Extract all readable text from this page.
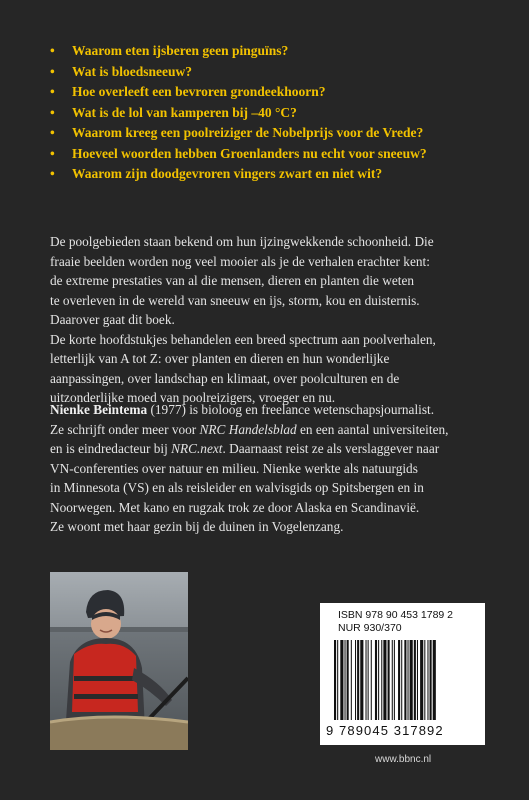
• Waarom eten ijsberen geen pinguïns?
• Wat is bloedsneeuw?
• Hoe overleeft een bevroren grondeekhoorn?
• Wat is de lol van kamperen bij –40 °C?
• Waarom kreeg een poolreiziger de Nobelprijs voor de Vrede?
• Hoeveel woorden hebben Groenlanders nu echt voor sneeuw?
• Waarom zijn doodgevroren vingers zwart en niet wit?

De poolgebieden staan bekend om hun ijzingwekkende schoonheid. Die
fraaie beelden worden nog veel mooier als je de verhalen erachter kent:
de extreme prestaties van al die mensen, dieren en planten die weten
te overleven in de wereld van sneeuw en ijs, storm, kou en duisternis.
Daarover gaat dit boek.
De korte hoofdstukjes behandelen een breed spectrum aan poolverhalen,
letterlijk van A tot Z: over planten en dieren en hun wonderlijke
aanpassingen, over landschap en klimaat, over poolculturen en de
uitzonderlijke moed van poolreizigers, vroeger en nu.

Nienke Beintema (1977) is bioloog en freelance wetenschapsjournalist.
Ze schrijft onder meer voor NRC Handelsblad en een aantal universiteiten,
en is eindredacteur bij NRC.next. Daarnaast reist ze als verslaggever naar
VN-conferenties over natuur en milieu. Nienke werkte als natuurgids
in Minnesota (VS) en als reisleider en walvisgids op Spitsbergen en in
Noorwegen. Met kano en rugzak trok ze door Alaska en Scandinavië.
Ze woont met haar gezin bij de duinen in Vogelenzang.

ISBN 978 90 453 1789 2
NUR 930/370
9 789045 317892
www.bbnc.nl
